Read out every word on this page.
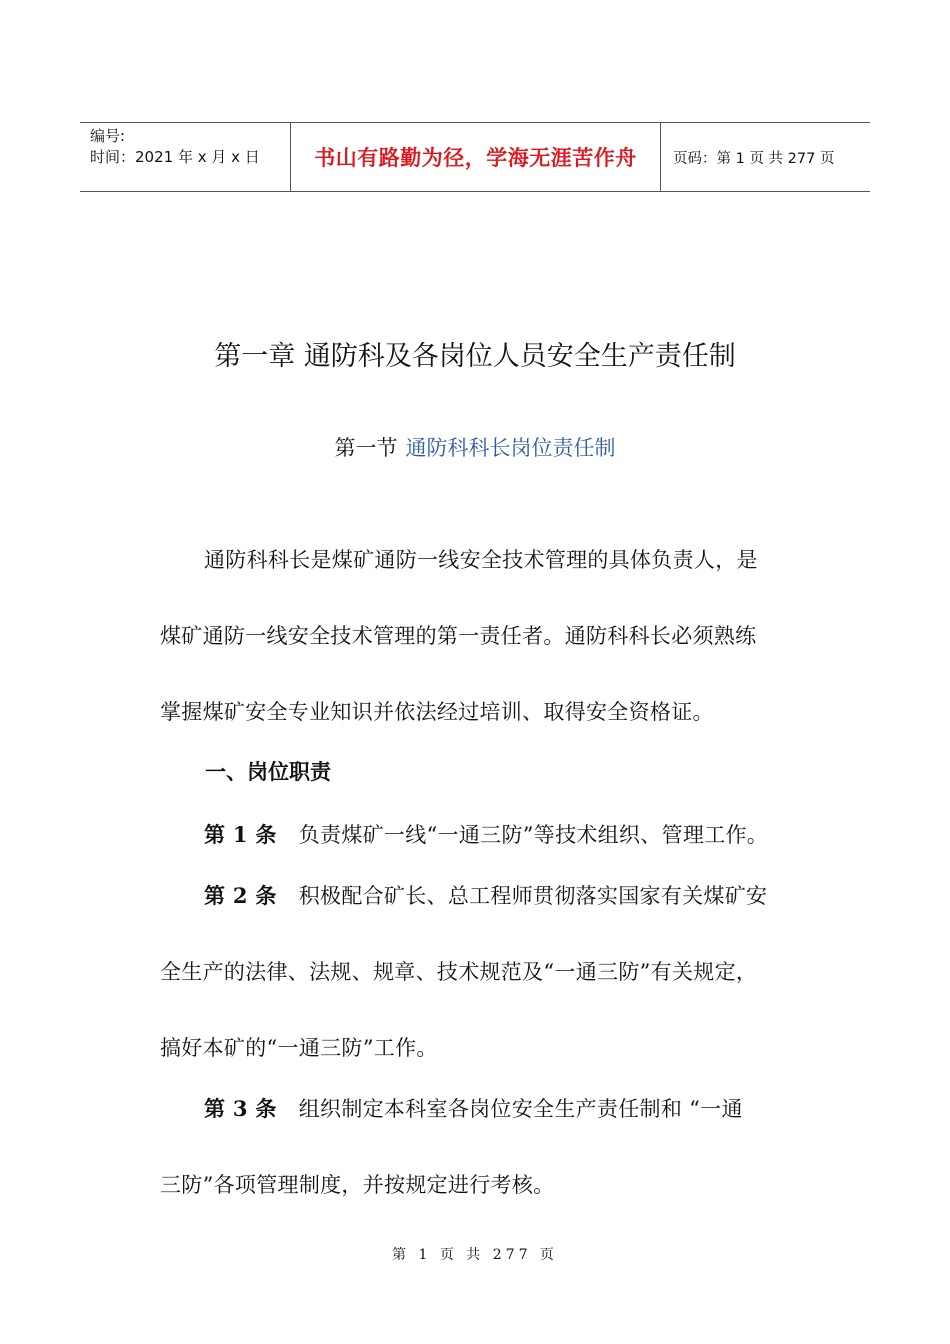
编号:
时间：2021 年 x 月 x 日	书山有路勤为径，学海无涯苦作舟	页码：第 1 页 共 277 页
第一章 通防科及各岗位人员安全生产责任制
第一节 通防科科长岗位责任制
通防科科长是煤矿通防一线安全技术管理的具体负责人，是
煤矿通防一线安全技术管理的第一责任者。通防科科长必须熟练
掌握煤矿安全专业知识并依法经过培训、取得安全资格证。
一、岗位职责
第 1 条 负责煤矿一线“一通三防”等技术组织、管理工作。
第 2 条 积极配合矿长、总工程师贯彻落实国家有关煤矿安
全生产的法律、法规、规章、技术规范及“一通三防”有关规定，
搞好本矿的“一通三防”工作。
第 3 条 组织制定本科室各岗位安全生产责任制和 “一通
三防”各项管理制度，并按规定进行考核。
第 1 页 共 277 页
